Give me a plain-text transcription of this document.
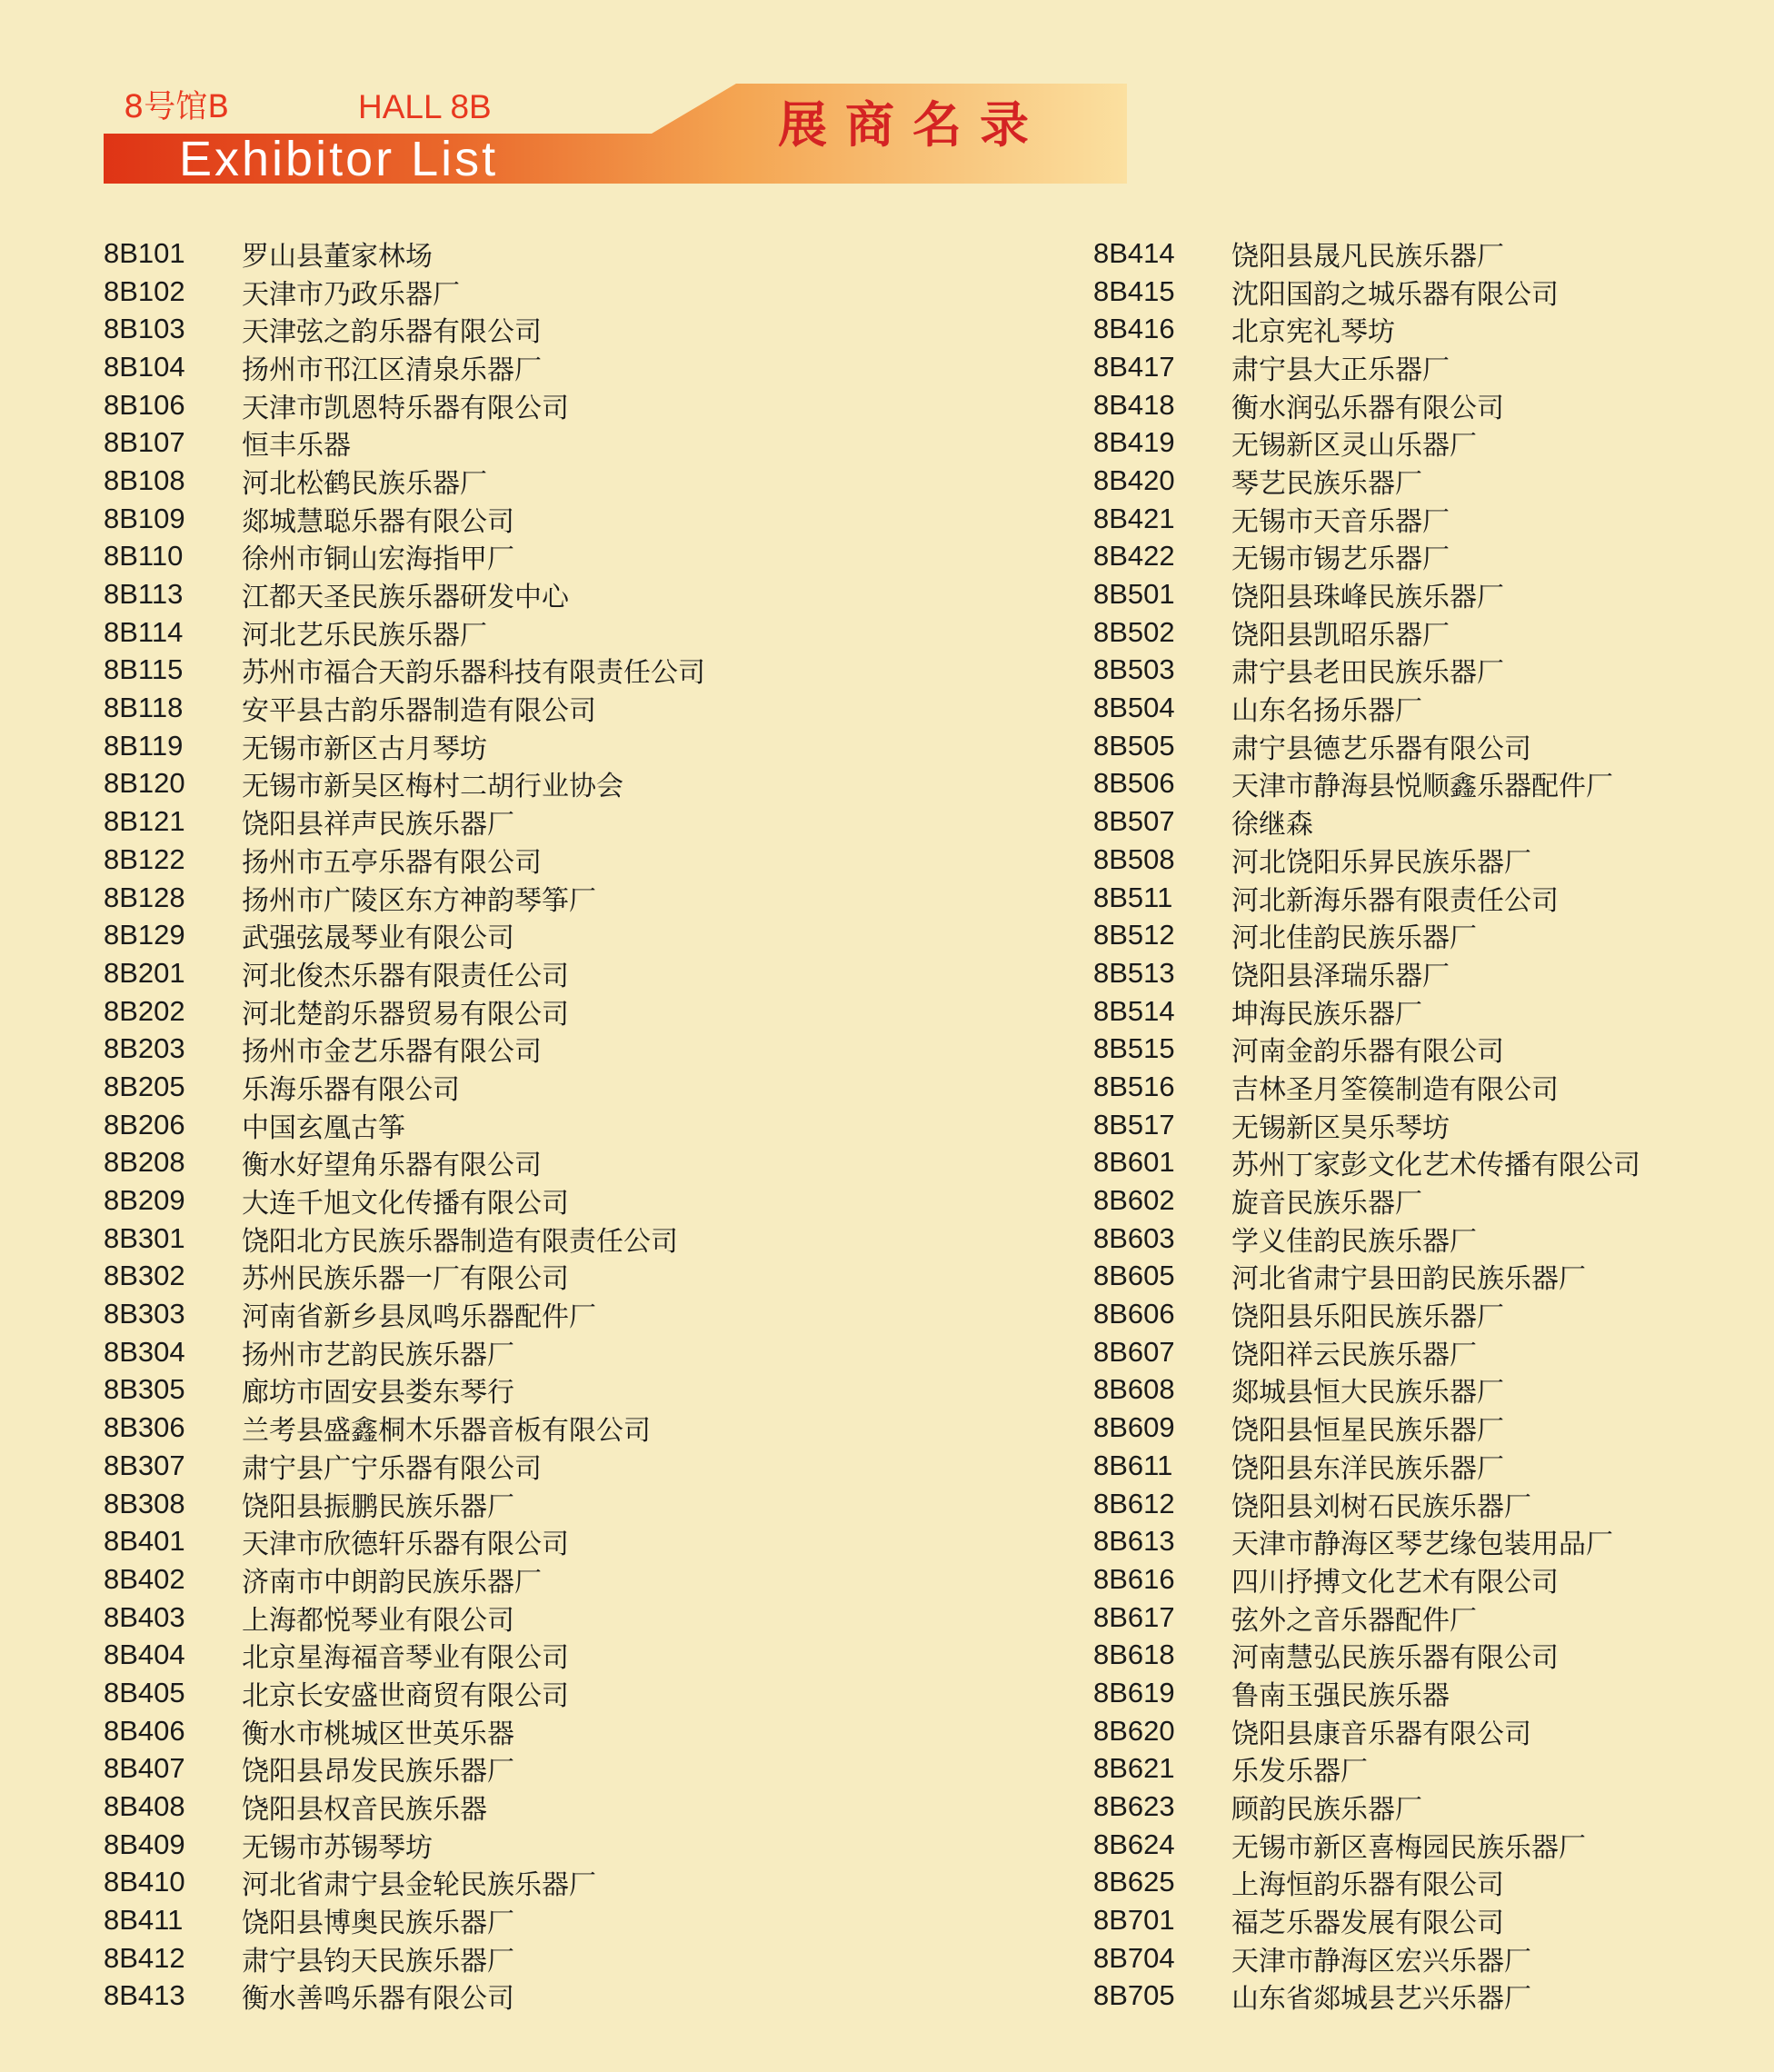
8号馆B	HALL 8B
Exhibitor List
展商名录
8B101	罗山县董家林场
8B102	天津市乃政乐器厂
8B103	天津弦之韵乐器有限公司
8B104	扬州市邗江区清泉乐器厂
8B106	天津市凯恩特乐器有限公司
8B107	恒丰乐器
8B108	河北松鹤民族乐器厂
8B109	郯城慧聪乐器有限公司
8B110	徐州市铜山宏海指甲厂
8B113	江都天圣民族乐器研发中心
8B114	河北艺乐民族乐器厂
8B115	苏州市福合天韵乐器科技有限责任公司
8B118	安平县古韵乐器制造有限公司
8B119	无锡市新区古月琴坊
8B120	无锡市新吴区梅村二胡行业协会
8B121	饶阳县祥声民族乐器厂
8B122	扬州市五亭乐器有限公司
8B128	扬州市广陵区东方神韵琴筝厂
8B129	武强弦晟琴业有限公司
8B201	河北俊杰乐器有限责任公司
8B202	河北楚韵乐器贸易有限公司
8B203	扬州市金艺乐器有限公司
8B205	乐海乐器有限公司
8B206	中国玄凰古筝
8B208	衡水好望角乐器有限公司
8B209	大连千旭文化传播有限公司
8B301	饶阳北方民族乐器制造有限责任公司
8B302	苏州民族乐器一厂有限公司
8B303	河南省新乡县凤鸣乐器配件厂
8B304	扬州市艺韵民族乐器厂
8B305	廊坊市固安县娄东琴行
8B306	兰考县盛鑫桐木乐器音板有限公司
8B307	肃宁县广宁乐器有限公司
8B308	饶阳县振鹏民族乐器厂
8B401	天津市欣德轩乐器有限公司
8B402	济南市中朗韵民族乐器厂
8B403	上海都悦琴业有限公司
8B404	北京星海福音琴业有限公司
8B405	北京长安盛世商贸有限公司
8B406	衡水市桃城区世英乐器
8B407	饶阳县昂发民族乐器厂
8B408	饶阳县权音民族乐器
8B409	无锡市苏锡琴坊
8B410	河北省肃宁县金轮民族乐器厂
8B411	饶阳县博奥民族乐器厂
8B412	肃宁县钧天民族乐器厂
8B413	衡水善鸣乐器有限公司
8B414	饶阳县晟凡民族乐器厂
8B415	沈阳国韵之城乐器有限公司
8B416	北京宪礼琴坊
8B417	肃宁县大正乐器厂
8B418	衡水润弘乐器有限公司
8B419	无锡新区灵山乐器厂
8B420	琴艺民族乐器厂
8B421	无锡市天音乐器厂
8B422	无锡市锡艺乐器厂
8B501	饶阳县珠峰民族乐器厂
8B502	饶阳县凯昭乐器厂
8B503	肃宁县老田民族乐器厂
8B504	山东名扬乐器厂
8B505	肃宁县德艺乐器有限公司
8B506	天津市静海县悦顺鑫乐器配件厂
8B507	徐继森
8B508	河北饶阳乐昇民族乐器厂
8B511	河北新海乐器有限责任公司
8B512	河北佳韵民族乐器厂
8B513	饶阳县泽瑞乐器厂
8B514	坤海民族乐器厂
8B515	河南金韵乐器有限公司
8B516	吉林圣月筌篌制造有限公司
8B517	无锡新区昊乐琴坊
8B601	苏州丁家彭文化艺术传播有限公司
8B602	旋音民族乐器厂
8B603	学义佳韵民族乐器厂
8B605	河北省肃宁县田韵民族乐器厂
8B606	饶阳县乐阳民族乐器厂
8B607	饶阳祥云民族乐器厂
8B608	郯城县恒大民族乐器厂
8B609	饶阳县恒星民族乐器厂
8B611	饶阳县东洋民族乐器厂
8B612	饶阳县刘树石民族乐器厂
8B613	天津市静海区琴艺缘包装用品厂
8B616	四川抒搏文化艺术有限公司
8B617	弦外之音乐器配件厂
8B618	河南慧弘民族乐器有限公司
8B619	鲁南玉强民族乐器
8B620	饶阳县康音乐器有限公司
8B621	乐发乐器厂
8B623	顾韵民族乐器厂
8B624	无锡市新区喜梅园民族乐器厂
8B625	上海恒韵乐器有限公司
8B701	福芝乐器发展有限公司
8B704	天津市静海区宏兴乐器厂
8B705	山东省郯城县艺兴乐器厂
